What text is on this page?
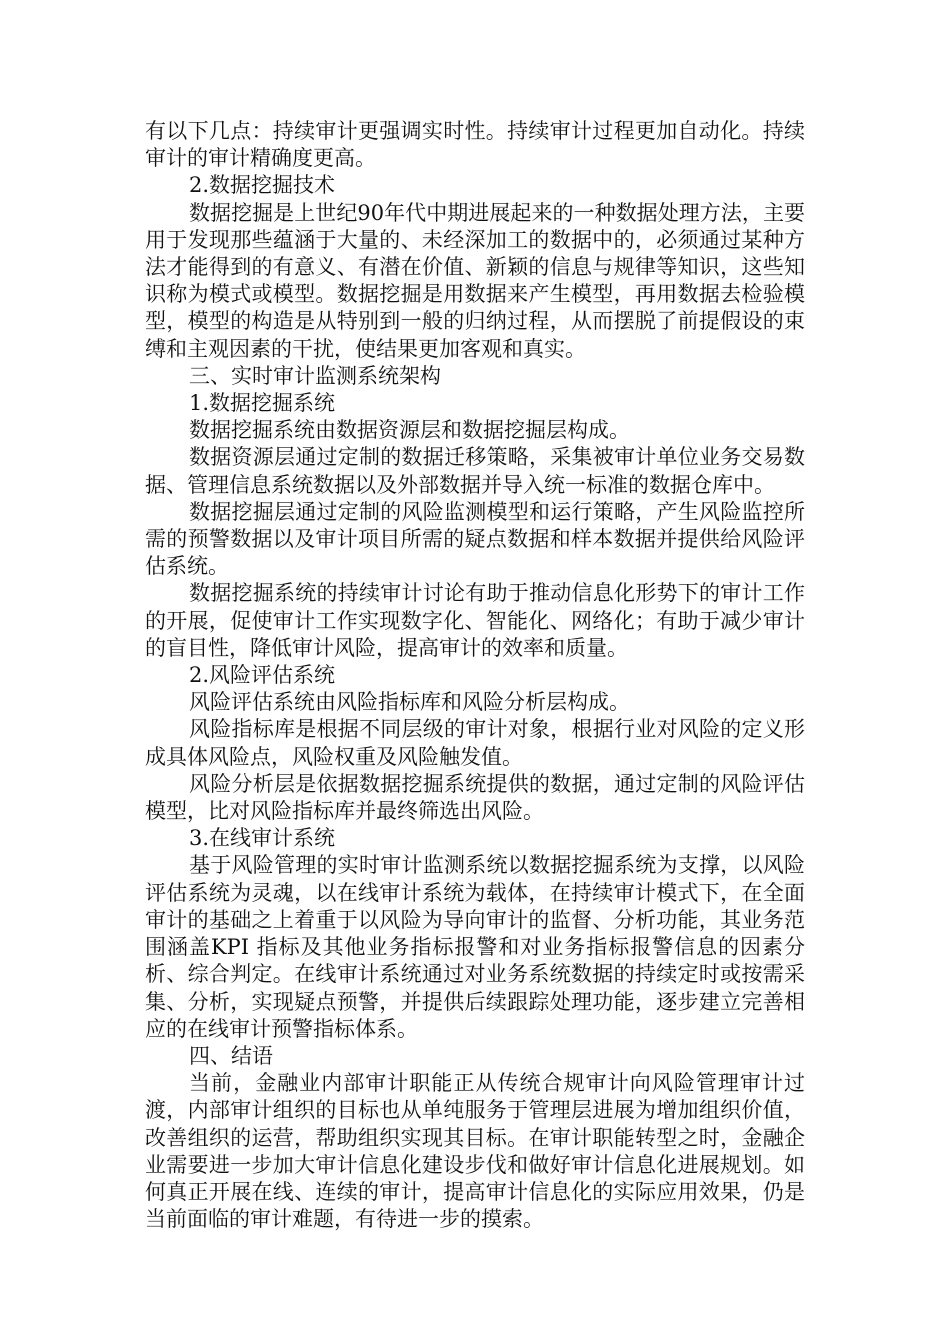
有以下几点：持续审计更强调实时性。持续审计过程更加自动化。持续审计的审计精确度更高。

2.数据挖掘技术

数据挖掘是上世纪90年代中期进展起来的一种数据处理方法，主要用于发现那些蕴涵于大量的、未经深加工的数据中的，必须通过某种方法才能得到的有意义、有潜在价值、新颖的信息与规律等知识，这些知识称为模式或模型。数据挖掘是用数据来产生模型，再用数据去检验模型，模型的构造是从特别到一般的归纳过程，从而摆脱了前提假设的束缚和主观因素的干扰，使结果更加客观和真实。

三、实时审计监测系统架构

1.数据挖掘系统

数据挖掘系统由数据资源层和数据挖掘层构成。

数据资源层通过定制的数据迁移策略，采集被审计单位业务交易数据、管理信息系统数据以及外部数据并导入统一标准的数据仓库中。

数据挖掘层通过定制的风险监测模型和运行策略，产生风险监控所需的预警数据以及审计项目所需的疑点数据和样本数据并提供给风险评估系统。

数据挖掘系统的持续审计讨论有助于推动信息化形势下的审计工作的开展，促使审计工作实现数字化、智能化、网络化；有助于减少审计的盲目性，降低审计风险，提高审计的效率和质量。

2.风险评估系统

风险评估系统由风险指标库和风险分析层构成。

风险指标库是根据不同层级的审计对象，根据行业对风险的定义形成具体风险点，风险权重及风险触发值。

风险分析层是依据数据挖掘系统提供的数据，通过定制的风险评估模型，比对风险指标库并最终筛选出风险。

3.在线审计系统

基于风险管理的实时审计监测系统以数据挖掘系统为支撑，以风险评估系统为灵魂，以在线审计系统为载体，在持续审计模式下，在全面审计的基础之上着重于以风险为导向审计的监督、分析功能，其业务范围涵盖KPI 指标及其他业务指标报警和对业务指标报警信息的因素分析、综合判定。在线审计系统通过对业务系统数据的持续定时或按需采集、分析，实现疑点预警，并提供后续跟踪处理功能，逐步建立完善相应的在线审计预警指标体系。

四、结语

当前，金融业内部审计职能正从传统合规审计向风险管理审计过渡，内部审计组织的目标也从单纯服务于管理层进展为增加组织价值，改善组织的运营，帮助组织实现其目标。在审计职能转型之时，金融企业需要进一步加大审计信息化建设步伐和做好审计信息化进展规划。如何真正开展在线、连续的审计，提高审计信息化的实际应用效果，仍是当前面临的审计难题，有待进一步的摸索。
